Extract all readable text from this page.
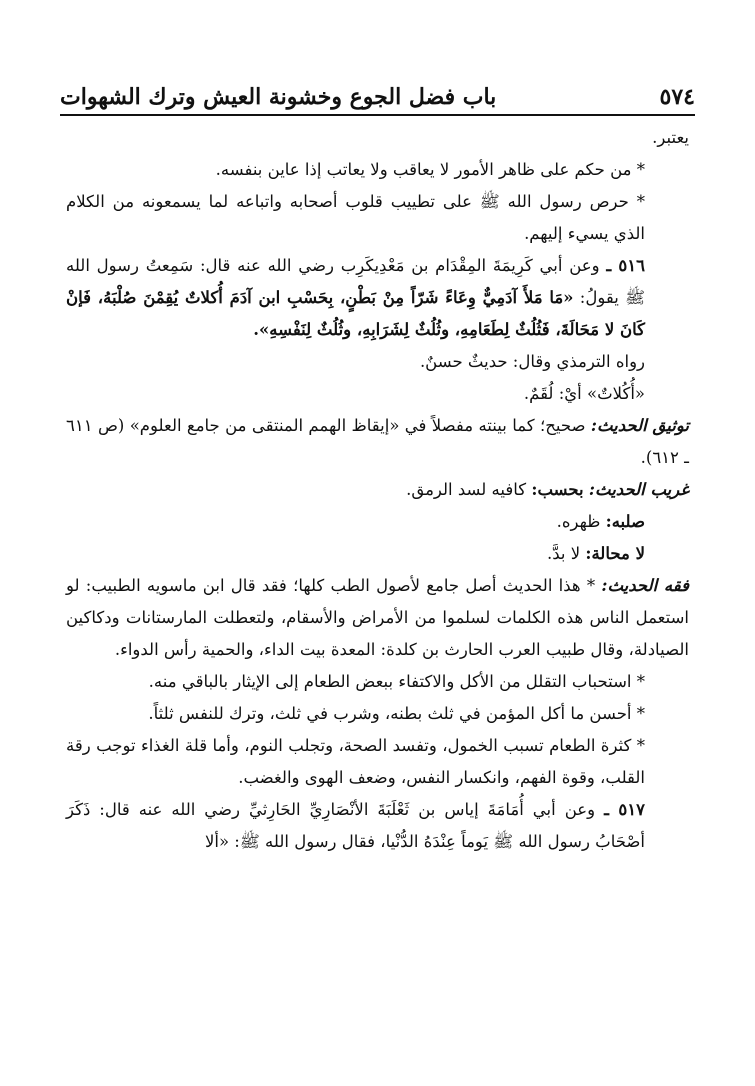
٥٧٤
باب فضل الجوع وخشونة العيش وترك الشهوات

يعتبر.

* من حكم على ظاهر الأمور لا يعاقب ولا يعاتب إذا عاين بنفسه.

* حرص رسول الله ﷺ على تطييب قلوب أصحابه واتباعه لما يسمعونه من الكلام الذي يسيء إليهم.

٥١٦ ـ وعن أبي كَرِيمَةَ المِقْدَام بن مَعْدِيكَرِب رضي الله عنه قال: سَمِعتُ رسول الله ﷺ يقولُ: «مَا مَلأَ آدَمِيٌّ وِعَاءً شَرّاً مِنْ بَطْنٍ، بِحَسْبِ ابن آدَمَ أُكلاتٌ يُقِمْنَ صُلْبَهُ، فَإنْ كَانَ لا مَحَالَةَ، فَثُلُثٌ لِطَعَامِهِ، وثُلُثٌ لِشَرَابِهِ، وثُلُثٌ لِنَفْسِهِ».

رواه الترمذي وقال: حديثٌ حسنٌ.

«أُكُلاتٌ» أيْ: لُقَمٌ.

توثيق الحديث: صحيح؛ كما بينته مفصلاً في «إيقاظ الهمم المنتقى من جامع العلوم» (ص ٦١١ ـ ٦١٢).

غريب الحديث: بحسب: كافيه لسد الرمق.

صلبه: ظهره.

لا محالة: لا بدَّ.

فقه الحديث: * هذا الحديث أصل جامع لأصول الطب كلها؛ فقد قال ابن ماسويه الطبيب: لو استعمل الناس هذه الكلمات لسلموا من الأمراض والأسقام، ولتعطلت المارستانات ودكاكين الصيادلة، وقال طبيب العرب الحارث بن كلدة: المعدة بيت الداء، والحمية رأس الدواء.

* استحباب التقلل من الأكل والاكتفاء ببعض الطعام إلى الإيثار بالباقي منه.

* أحسن ما أكل المؤمن في ثلث بطنه، وشرب في ثلث، وترك للنفس ثلثاً.

* كثرة الطعام تسبب الخمول، وتفسد الصحة، وتجلب النوم، وأما قلة الغذاء توجب رقة القلب، وقوة الفهم، وانكسار النفس، وضعف الهوى والغضب.

٥١٧ ـ وعن أبي أُمَامَةَ إياس بن ثَعْلَبَةَ الأنْصَارِيِّ الحَارِثيِّ رضي الله عنه قال: ذَكَرَ أصْحَابُ رسول الله ﷺ يَوماً عِنْدَهُ الدُّنْيا، فقال رسول الله ﷺ: «ألا
